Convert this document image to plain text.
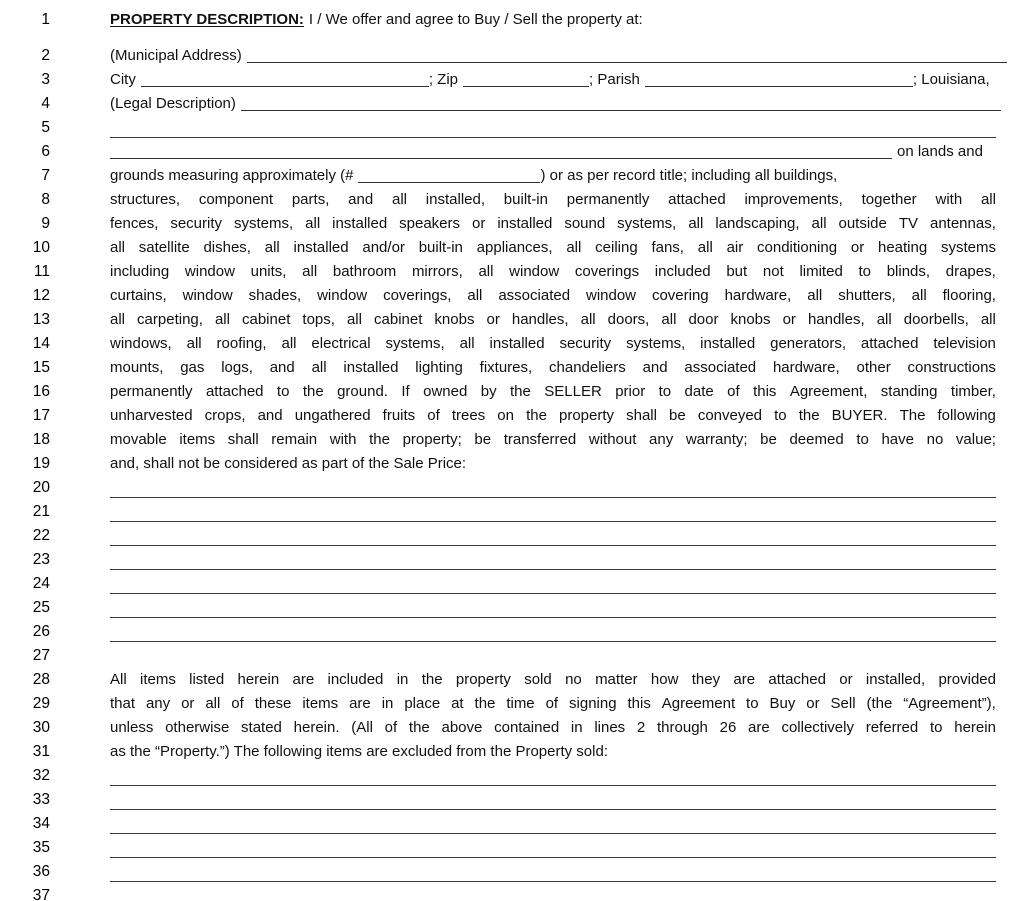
1
2
3
4
5
6
7
8
9
10
11
12
13
14
15
16
17
18
19
20
21
22
23
24
25
26
27
28
29
30
31
32
33
34
35
36
37
PROPERTY DESCRIPTION: I / We offer and agree to Buy / Sell the property at:
(Municipal Address)
City	; Zip	; Parish	; Louisiana,
(Legal Description)
on lands and
grounds measuring approximately (#	) or as per record title; including all buildings,
structures, component parts, and all installed, built-in permanently attached improvements, together with all
fences, security systems, all installed speakers or installed sound systems, all landscaping, all outside TV antennas,
all satellite dishes, all installed and/or built-in appliances, all ceiling fans, all air conditioning or heating systems
including window units, all bathroom mirrors, all window coverings included but not limited to blinds, drapes,
curtains, window shades, window coverings, all associated window covering hardware, all shutters, all flooring,
all carpeting, all cabinet tops, all cabinet knobs or handles, all doors, all door knobs or handles, all doorbells, all
windows, all roofing, all electrical systems, all installed security systems, installed generators, attached television
mounts, gas logs, and all installed lighting fixtures, chandeliers and associated hardware, other constructions
permanently attached to the ground. If owned by the SELLER prior to date of this Agreement, standing timber,
unharvested crops, and ungathered fruits of trees on the property shall be conveyed to the BUYER. The following
movable items shall remain with the property; be transferred without any warranty; be deemed to have no value;
and, shall not be considered as part of the Sale Price:
All items listed herein are included in the property sold no matter how they are attached or installed, provided
that any or all of these items are in place at the time of signing this Agreement to Buy or Sell (the “Agreement”),
unless otherwise stated herein. (All of the above contained in lines 2 through 26 are collectively referred to herein
as the “Property.”) The following items are excluded from the Property sold:
